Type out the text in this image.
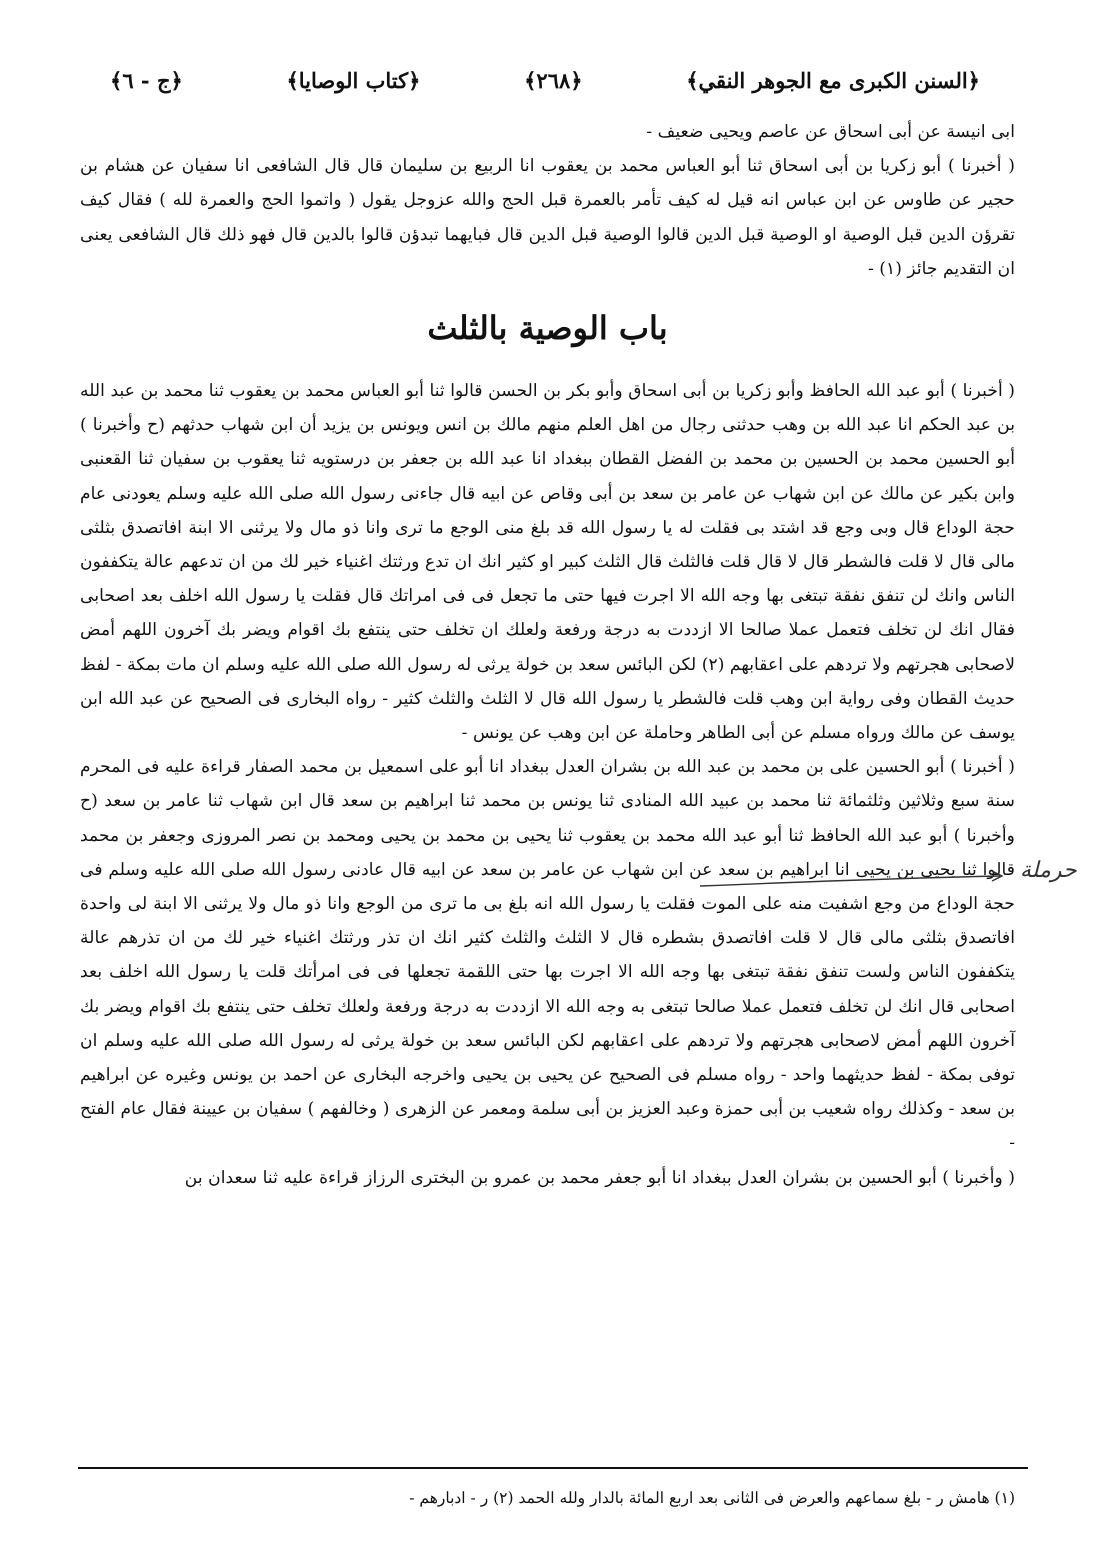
﴿السنن الكبرى مع الجوهر النقي﴾
﴿٢٦٨﴾
﴿كتاب الوصايا﴾
﴿ج - ٦﴾

ابى انيسة عن أبى اسحاق عن عاصم ويحيى ضعيف -

( أخبرنا ) أبو زكريا بن أبى اسحاق ثنا أبو العباس محمد بن يعقوب انا الربيع بن سليمان قال قال الشافعى انا سفيان عن هشام بن حجير عن طاوس عن ابن عباس انه قيل له كيف تأمر بالعمرة قبل الحج والله عزوجل يقول ( واتموا الحج والعمرة لله ) فقال كيف تقرؤن الدين قبل الوصية او الوصية قبل الدين قالوا الوصية قبل الدين قال فبايهما تبدؤن قالوا بالدين قال فهو ذلك قال الشافعى يعنى ان التقديم جائز (١) -

باب الوصية بالثلث

( أخبرنا ) أبو عبد الله الحافظ وأبو زكريا بن أبى اسحاق وأبو بكر بن الحسن قالوا ثنا أبو العباس محمد بن يعقوب ثنا محمد بن عبد الله بن عبد الحكم انا عبد الله بن وهب حدثنى رجال من اهل العلم منهم مالك بن انس ويونس بن يزيد أن ابن شهاب حدثهم (ح وأخبرنا ) أبو الحسين محمد بن الحسين بن محمد بن الفضل القطان ببغداد انا عبد الله بن جعفر بن درستويه ثنا يعقوب بن سفيان ثنا القعنبى وابن بكير عن مالك عن ابن شهاب عن عامر بن سعد بن أبى وقاص عن ابيه قال جاءنى رسول الله صلى الله عليه وسلم يعودنى عام حجة الوداع قال وبى وجع قد اشتد بى فقلت له يا رسول الله قد بلغ منى الوجع ما ترى وانا ذو مال ولا يرثنى الا ابنة افاتصدق بثلثى مالى قال لا قلت فالشطر قال لا قال قلت فالثلث قال الثلث كبير او كثير انك ان تدع ورثتك اغنياء خير لك من ان تدعهم عالة يتكففون الناس وانك لن تنفق نفقة تبتغى بها وجه الله الا اجرت فيها حتى ما تجعل فى فى امراتك قال فقلت يا رسول الله اخلف بعد اصحابى فقال انك لن تخلف فتعمل عملا صالحا الا ازددت به درجة ورفعة ولعلك ان تخلف حتى ينتفع بك اقوام ويضر بك آخرون اللهم أمض لاصحابى هجرتهم ولا تردهم على اعقابهم (٢) لكن البائس سعد بن خولة يرثى له رسول الله صلى الله عليه وسلم ان مات بمكة - لفظ حديث القطان وفى رواية ابن وهب قلت فالشطر يا رسول الله قال لا الثلث والثلث كثير - رواه البخارى فى الصحيح عن عبد الله ابن يوسف عن مالك ورواه مسلم عن أبى الطاهر وحاملة عن ابن وهب عن يونس -

( أخبرنا ) أبو الحسين على بن محمد بن عبد الله بن بشران العدل ببغداد انا أبو على اسمعيل بن محمد الصفار قراءة عليه فى المحرم سنة سبع وثلاثين وثلثمائة ثنا محمد بن عبيد الله المنادى ثنا يونس بن محمد ثنا ابراهيم بن سعد قال ابن شهاب ثنا عامر بن سعد (ح وأخبرنا ) أبو عبد الله الحافظ ثنا أبو عبد الله محمد بن يعقوب ثنا يحيى بن محمد بن يحيى ومحمد بن نصر المروزى وجعفر بن محمد قالوا ثنا يحيى بن يحيى انا ابراهيم بن سعد عن ابن شهاب عن عامر بن سعد عن ابيه قال عادنى رسول الله صلى الله عليه وسلم فى حجة الوداع من وجع اشفيت منه على الموت فقلت يا رسول الله انه بلغ بى ما ترى من الوجع وانا ذو مال ولا يرثنى الا ابنة لى واحدة افاتصدق بثلثى مالى قال لا قلت افاتصدق بشطره قال لا الثلث والثلث كثير انك ان تذر ورثتك اغنياء خير لك من ان تذرهم عالة يتكففون الناس ولست تنفق نفقة تبتغى بها وجه الله الا اجرت بها حتى اللقمة تجعلها فى فى امرأتك قلت يا رسول الله اخلف بعد اصحابى قال انك لن تخلف فتعمل عملا صالحا تبتغى به وجه الله الا ازددت به درجة ورفعة ولعلك تخلف حتى ينتفع بك اقوام ويضر بك آخرون اللهم أمض لاصحابى هجرتهم ولا تردهم على اعقابهم لكن البائس سعد بن خولة يرثى له رسول الله صلى الله عليه وسلم ان توفى بمكة - لفظ حديثهما واحد - رواه مسلم فى الصحيح عن يحيى بن يحيى واخرجه البخارى عن احمد بن يونس وغيره عن ابراهيم بن سعد - وكذلك رواه شعيب بن أبى حمزة وعبد العزيز بن أبى سلمة ومعمر عن الزهرى ( وخالفهم ) سفيان بن عيينة فقال عام الفتح -

( وأخبرنا ) أبو الحسين بن بشران العدل ببغداد انا أبو جعفر محمد بن عمرو بن البخترى الرزاز قراءة عليه ثنا سعدان بن

حرملة
(١) هامش ر - بلغ سماعهم والعرض فى الثانى بعد اربع المائة بالدار ولله الحمد (٢) ر - ادبارهم -
